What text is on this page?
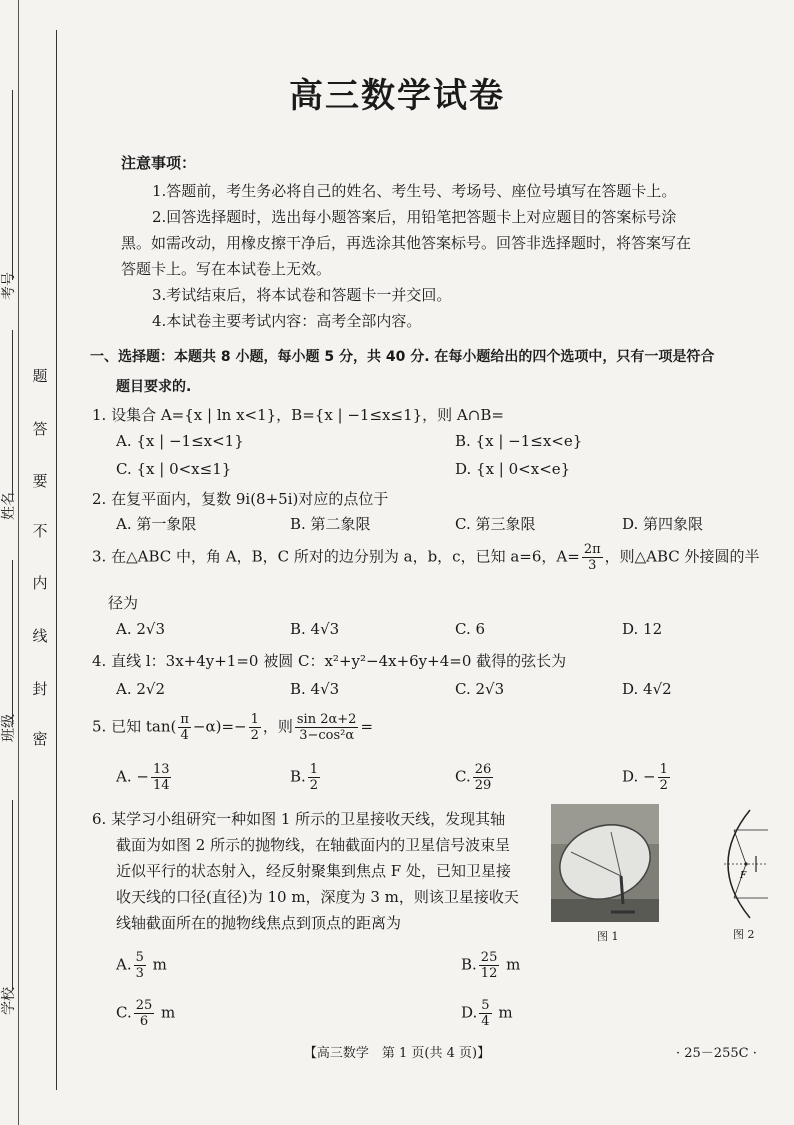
考号
姓名
班级
学校
题
答
要
不
内
线
封
密
高三数学试卷
注意事项：
1.答题前，考生务必将自己的姓名、考生号、考场号、座位号填写在答题卡上。
2.回答选择题时，选出每小题答案后，用铅笔把答题卡上对应题目的答案标号涂
黑。如需改动，用橡皮擦干净后，再选涂其他答案标号。回答非选择题时，将答案写在
答题卡上。写在本试卷上无效。
3.考试结束后，将本试卷和答题卡一并交回。
4.本试卷主要考试内容：高考全部内容。
一、选择题：本题共 8 小题，每小题 5 分，共 40 分. 在每小题给出的四个选项中，只有一项是符合
题目要求的.
1. 设集合 A={x | ln x<1}，B={x | −1≤x≤1}，则 A∩B=
A. {x | −1≤x<1}	B. {x | −1≤x<e}
C. {x | 0<x≤1}	D. {x | 0<x<e}
2. 在复平面内，复数 9i(8+5i)对应的点位于
A. 第一象限	B. 第二象限	C. 第三象限	D. 第四象限
3. 在△ABC 中，角 A，B，C 所对的边分别为 a，b，c，已知 a=6，$A= \frac{2\pi}{3}$ ，则△ABC 外接圆的半
径为
A. 2√3	B. 4√3	C. 6	D. 12
4. 直线 l：3x+4y+1=0 被圆 C：x²+y²−4x+6y+4=0 截得的弦长为
A. 2√2	B. 4√3	C. 2√3	D. 4√2
5. 已知 $\tan( \frac{\pi}{4} -\alpha)=- \frac{1}{2}$ ，则 $\frac{\sin 2\alpha+2}{\text{3−cos²α}}$ =
A. − $\frac{13}{14}$	B. $\frac{1}{2}$	C. $\frac{26}{29}$	D. − $\frac{1}{2}$
6. 某学习小组研究一种如图 1 所示的卫星接收天线，发现其轴
截面为如图 2 所示的抛物线，在轴截面内的卫星信号波束呈
近似平行的状态射入，经反射聚集到焦点 F 处，已知卫星接
收天线的口径(直径)为 10 m，深度为 3 m，则该卫星接收天
线轴截面所在的抛物线焦点到顶点的距离为
图 1
F
图 2
A. $\frac{5}{3}$ m	B. $\frac{25}{12}$ m
C. $\frac{25}{6}$ m	D. $\frac{5}{4}$ m
【高三数学　第 1 页(共 4 页)】	· 25－255C ·
